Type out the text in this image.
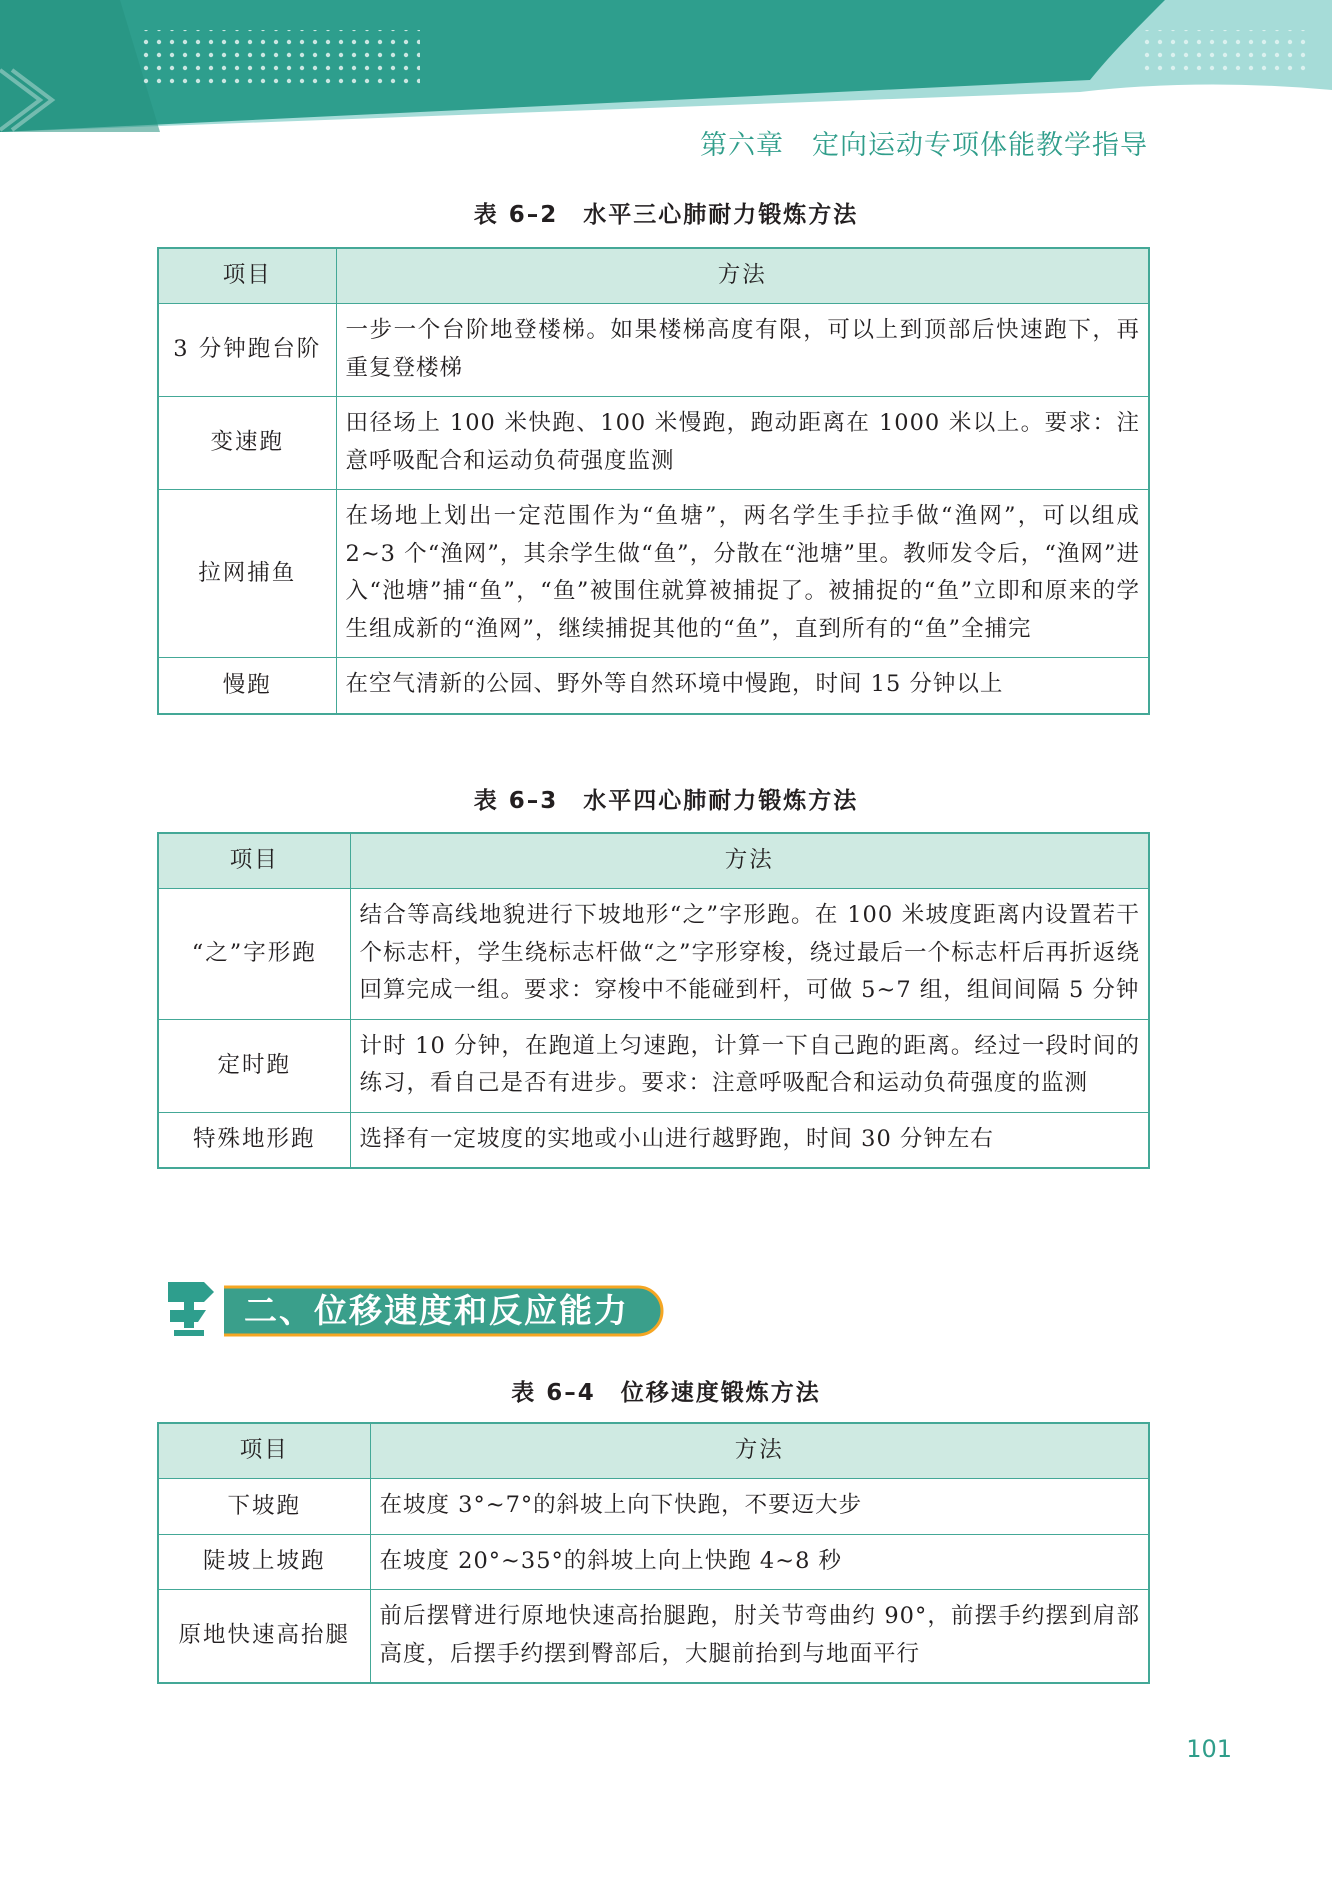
第六章　定向运动专项体能教学指导
表 6–2　水平三心肺耐力锻炼方法
项目	方法
3 分钟跑台阶	一步一个台阶地登楼梯。如果楼梯高度有限，可以上到顶部后快速跑下，再重复登楼梯
变速跑	田径场上 100 米快跑、100 米慢跑，跑动距离在 1000 米以上。要求：注意呼吸配合和运动负荷强度监测
拉网捕鱼	在场地上划出一定范围作为“鱼塘”，两名学生手拉手做“渔网”，可以组成 2~3 个“渔网”，其余学生做“鱼”，分散在“池塘”里。教师发令后，“渔网”进入“池塘”捕“鱼”，“鱼”被围住就算被捕捉了。被捕捉的“鱼”立即和原来的学生组成新的“渔网”，继续捕捉其他的“鱼”，直到所有的“鱼”全捕完
慢跑	在空气清新的公园、野外等自然环境中慢跑，时间 15 分钟以上
表 6–3　水平四心肺耐力锻炼方法
项目	方法
“之”字形跑	结合等高线地貌进行下坡地形“之”字形跑。在 100 米坡度距离内设置若干个标志杆，学生绕标志杆做“之”字形穿梭，绕过最后一个标志杆后再折返绕回算完成一组。要求：穿梭中不能碰到杆，可做 5~7 组，组间间隔 5 分钟
定时跑	计时 10 分钟，在跑道上匀速跑，计算一下自己跑的距离。经过一段时间的练习，看自己是否有进步。要求：注意呼吸配合和运动负荷强度的监测
特殊地形跑	选择有一定坡度的实地或小山进行越野跑，时间 30 分钟左右
二、位移速度和反应能力
表 6–4　位移速度锻炼方法
项目	方法
下坡跑	在坡度 3°~7°的斜坡上向下快跑，不要迈大步
陡坡上坡跑	在坡度 20°~35°的斜坡上向上快跑 4~8 秒
原地快速高抬腿	前后摆臂进行原地快速高抬腿跑，肘关节弯曲约 90°，前摆手约摆到肩部高度，后摆手约摆到臀部后，大腿前抬到与地面平行
101
